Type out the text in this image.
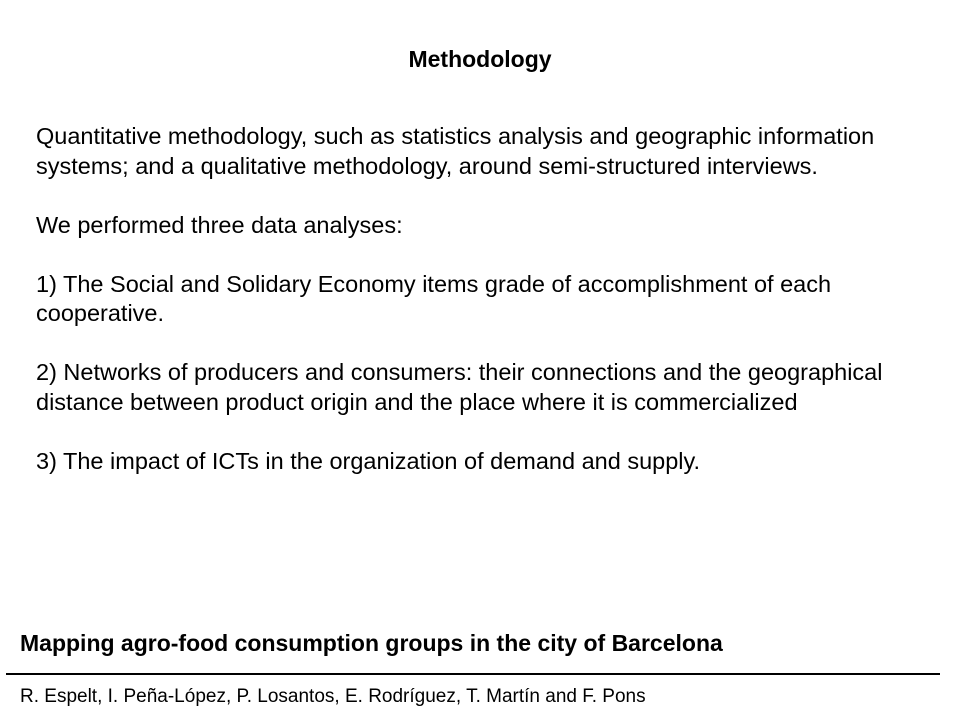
Methodology

Quantitative methodology, such as statistics analysis and geographic information systems; and a qualitative methodology, around semi-structured interviews.

We performed three data analyses:

1) The Social and Solidary Economy items grade of accomplishment of each cooperative.

2) Networks of producers and consumers: their connections and the geographical distance between product origin and the place where it is commercialized

3) The impact of ICTs in the organization of demand and supply.

Mapping agro-food consumption groups in the city of Barcelona
R. Espelt, I. Peña-López, P. Losantos, E. Rodríguez, T. Martín and F. Pons
